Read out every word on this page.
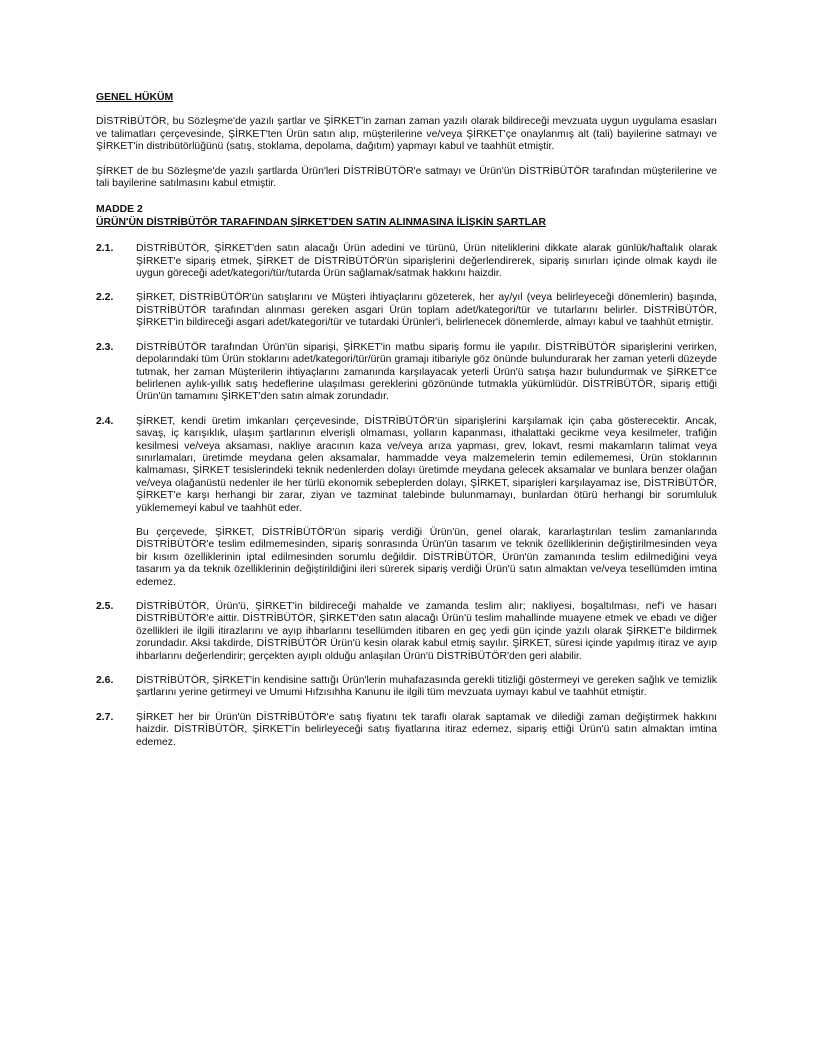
GENEL HÜKÜM

DİSTRİBÜTÖR, bu Sözleşme'de yazılı şartlar ve ŞİRKET'in zaman zaman yazılı olarak bildireceği mevzuata uygun uygulama esasları ve talimatları çerçevesinde, ŞİRKET'ten Ürün satın alıp, müşterilerine ve/veya ŞİRKET'çe onaylanmış alt (tali) bayilerine satmayı ve ŞİRKET'in distribütörlüğünü (satış, stoklama, depolama, dağıtım) yapmayı kabul ve taahhüt etmiştir.

ŞİRKET de bu Sözleşme'de yazılı şartlarda Ürün'leri DİSTRİBÜTÖR'e satmayı ve Ürün'ün DİSTRİBÜTÖR tarafından müşterilerine ve tali bayilerine satılmasını kabul etmiştir.

MADDE 2

ÜRÜN'ÜN DİSTRİBÜTÖR TARAFINDAN ŞİRKET'DEN SATIN ALINMASINA İLİŞKİN ŞARTLAR

2.1.	DİSTRİBÜTÖR, ŞİRKET'den satın alacağı Ürün adedini ve türünü, Ürün niteliklerini dikkate alarak günlük/haftalık olarak ŞİRKET'e sipariş etmek, ŞİRKET de DİSTRİBÜTÖR'ün siparişlerini değerlendirerek, sipariş sınırları içinde olmak kaydı ile uygun göreceği adet/kategori/tür/tutarda Ürün sağlamak/satmak hakkını haizdir.

2.2.	ŞİRKET, DİSTRİBÜTÖR'ün satışlarını ve Müşteri ihtiyaçlarını gözeterek, her ay/yıl (veya belirleyeceği dönemlerin) başında, DİSTRİBÜTÖR tarafından alınması gereken asgari Ürün toplam adet/kategori/tür ve tutarlarını belirler. DİSTRİBÜTÖR, ŞİRKET'in bildireceği asgari adet/kategori/tür ve tutardaki Ürünler'i, belirlenecek dönemlerde, almayı kabul ve taahhüt etmiştir.

2.3.	DİSTRİBÜTÖR tarafından Ürün'ün siparişi, ŞİRKET'in matbu sipariş formu ile yapılır. DİSTRİBÜTÖR siparişlerini verirken, depolarındaki tüm Ürün stoklarını adet/kategori/tür/ürün gramajı itibariyle göz önünde bulundurarak her zaman yeterli düzeyde tutmak, her zaman Müşterilerin ihtiyaçlarını zamanında karşılayacak yeterli Ürün'ü satışa hazır bulundurmak ve ŞİRKET'ce belirlenen aylık-yıllık satış hedeflerine ulaşılması gereklerini gözönünde tutmakla yükümlüdür. DİSTRİBÜTÖR, sipariş ettiği Ürün'ün tamamını ŞİRKET'den satın almak zorundadır.

2.4.	ŞİRKET, kendi üretim imkanları çerçevesinde, DİSTRİBÜTÖR'ün siparişlerini karşılamak için çaba gösterecektir. Ancak, savaş, iç karışıklık, ulaşım şartlarının elverişli olmaması, yolların kapanması, ithalattaki gecikme veya kesilmeler, trafiğin kesilmesi ve/veya aksaması, nakliye aracının kaza ve/veya arıza yapması, grev, lokavt, resmi makamların talimat veya sınırlamaları, üretimde meydana gelen aksamalar, hammadde veya malzemelerin temin edilememesi, Ürün stoklarının kalmaması, ŞİRKET tesislerindeki teknik nedenlerden dolayı üretimde meydana gelecek aksamalar ve bunlara benzer olağan ve/veya olağanüstü nedenler ile her türlü ekonomik sebeplerden dolayı, ŞİRKET, siparişleri karşılayamaz ise, DİSTRİBÜTÖR, ŞİRKET'e karşı herhangi bir zarar, ziyan ve tazminat talebinde bulunmamayı, bunlardan ötürü herhangi bir sorumluluk yüklememeyi kabul ve taahhüt eder.

Bu çerçevede, ŞİRKET, DİSTRİBÜTÖR'ün sipariş verdiği Ürün'ün, genel olarak, kararlaştırılan teslim zamanlarında DİSTRİBÜTÖR'e teslim edilmemesinden, sipariş sonrasında Ürün'ün tasarım ve teknik özelliklerinin değiştirilmesinden veya bir kısım özelliklerinin iptal edilmesinden sorumlu değildir. DİSTRİBÜTÖR, Ürün'ün zamanında teslim edilmediğini veya tasarım ya da teknik özelliklerinin değiştirildiğini ileri sürerek sipariş verdiği Ürün'ü satın almaktan ve/veya tesellümden imtina edemez.

2.5.	DİSTRİBÜTÖR, Ürün'ü, ŞİRKET'in bildireceği mahalde ve zamanda teslim alır; nakliyesi, boşaltılması, nef'i ve hasarı DİSTRİBÜTÖR'e aittir. DİSTRİBÜTÖR, ŞİRKET'den satın alacağı Ürün'ü teslim mahallinde muayene etmek ve ebadı ve diğer özellikleri ile ilgili itirazlarını ve ayıp ihbarlarını tesellümden itibaren en geç yedi gün içinde yazılı olarak ŞİRKET'e bildirmek zorundadır. Aksi takdirde, DİSTRİBÜTÖR Ürün'ü kesin olarak kabul etmiş sayılır. ŞİRKET, süresi içinde yapılmış itiraz ve ayıp ihbarlarını değerlendirir; gerçekten ayıplı olduğu anlaşılan Ürün'ü DİSTRİBÜTÖR'den geri alabilir.

2.6.	DİSTRİBÜTÖR, ŞİRKET'in kendisine sattığı Ürün'lerin muhafazasında gerekli titizliği göstermeyi ve gereken sağlık ve temizlik şartlarını yerine getirmeyi ve Umumi Hıfzısıhha Kanunu ile ilgili tüm mevzuata uymayı kabul ve taahhüt etmiştir.

2.7.	ŞİRKET her bir Ürün'ün DİSTRİBÜTÖR'e satış fiyatını tek taraflı olarak saptamak ve dilediği zaman değiştirmek hakkını haizdir. DİSTRİBÜTÖR, ŞİRKET'in belirleyeceği satış fiyatlarına itiraz edemez, sipariş ettiği Ürün'ü satın almaktan imtina edemez.
